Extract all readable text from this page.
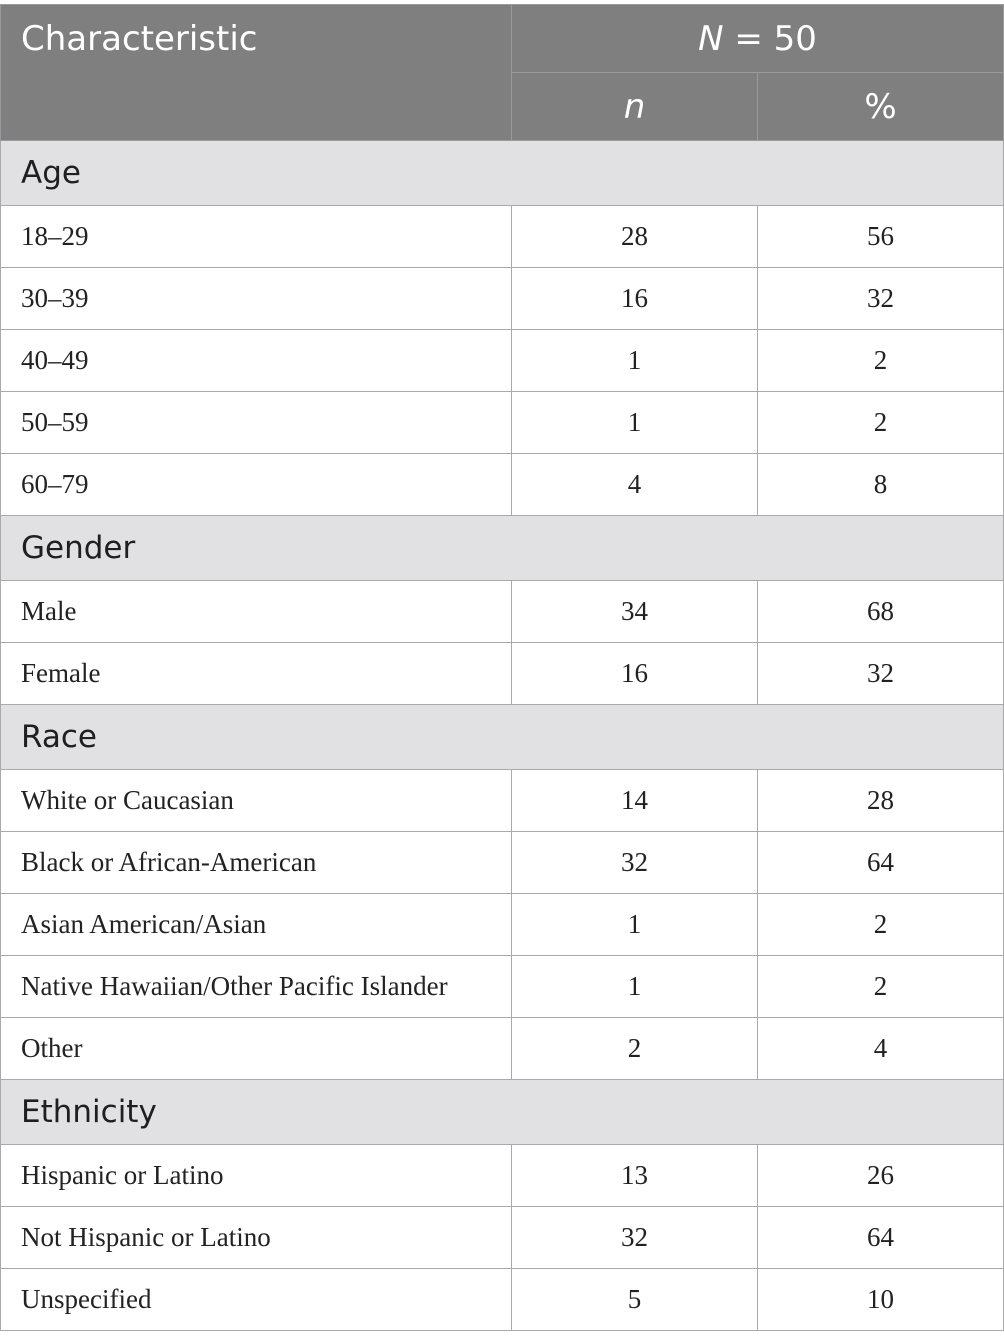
Characteristic	N = 50	
	n	%
Age		
18–29	28	56
30–39	16	32
40–49	1	2
50–59	1	2
60–79	4	8
Gender		
Male	34	68
Female	16	32
Race		
White or Caucasian	14	28
Black or African-American	32	64
Asian American/Asian	1	2
Native Hawaiian/Other Pacific Islander	1	2
Other	2	4
Ethnicity		
Hispanic or Latino	13	26
Not Hispanic or Latino	32	64
Unspecified	5	10
